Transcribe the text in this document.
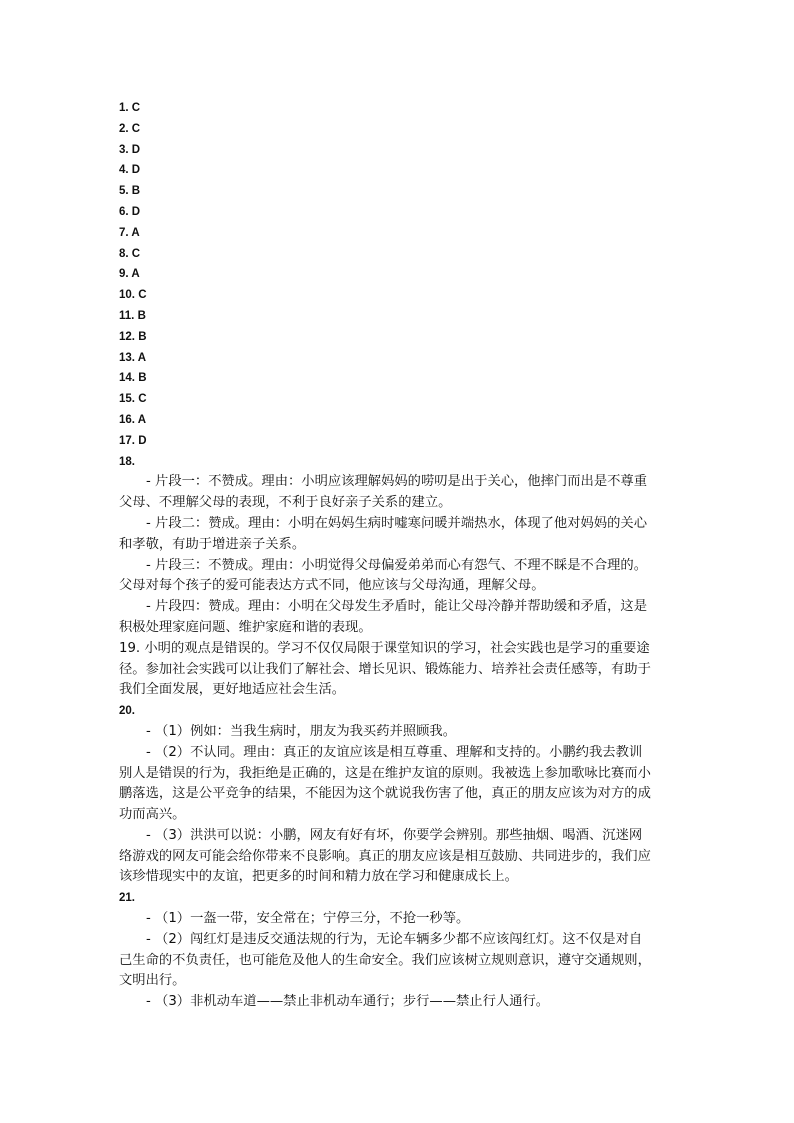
1. C
2. C
3. D
4. D
5. B
6. D
7. A
8. C
9. A
10. C
11. B
12. B
13. A
14. B
15. C
16. A
17. D
18.
- 片段一：不赞成。理由：小明应该理解妈妈的唠叨是出于关心，他摔门而出是不尊重
父母、不理解父母的表现，不利于良好亲子关系的建立。
- 片段二：赞成。理由：小明在妈妈生病时嘘寒问暖并端热水，体现了他对妈妈的关心
和孝敬，有助于增进亲子关系。
- 片段三：不赞成。理由：小明觉得父母偏爱弟弟而心有怨气、不理不睬是不合理的。
父母对每个孩子的爱可能表达方式不同，他应该与父母沟通，理解父母。
- 片段四：赞成。理由：小明在父母发生矛盾时，能让父母冷静并帮助缓和矛盾，这是
积极处理家庭问题、维护家庭和谐的表现。
19. 小明的观点是错误的。学习不仅仅局限于课堂知识的学习，社会实践也是学习的重要途
径。参加社会实践可以让我们了解社会、增长见识、锻炼能力、培养社会责任感等，有助于
我们全面发展，更好地适应社会生活。
20.
- （1）例如：当我生病时，朋友为我买药并照顾我。
- （2）不认同。理由：真正的友谊应该是相互尊重、理解和支持的。小鹏约我去教训
别人是错误的行为，我拒绝是正确的，这是在维护友谊的原则。我被选上参加歌咏比赛而小
鹏落选，这是公平竞争的结果，不能因为这个就说我伤害了他，真正的朋友应该为对方的成
功而高兴。
- （3）洪洪可以说：小鹏，网友有好有坏，你要学会辨别。那些抽烟、喝酒、沉迷网
络游戏的网友可能会给你带来不良影响。真正的朋友应该是相互鼓励、共同进步的，我们应
该珍惜现实中的友谊，把更多的时间和精力放在学习和健康成长上。
21.
- （1）一盔一带，安全常在；宁停三分，不抢一秒等。
- （2）闯红灯是违反交通法规的行为，无论车辆多少都不应该闯红灯。这不仅是对自
己生命的不负责任，也可能危及他人的生命安全。我们应该树立规则意识，遵守交通规则，
文明出行。
- （3）非机动车道——禁止非机动车通行；步行——禁止行人通行。
